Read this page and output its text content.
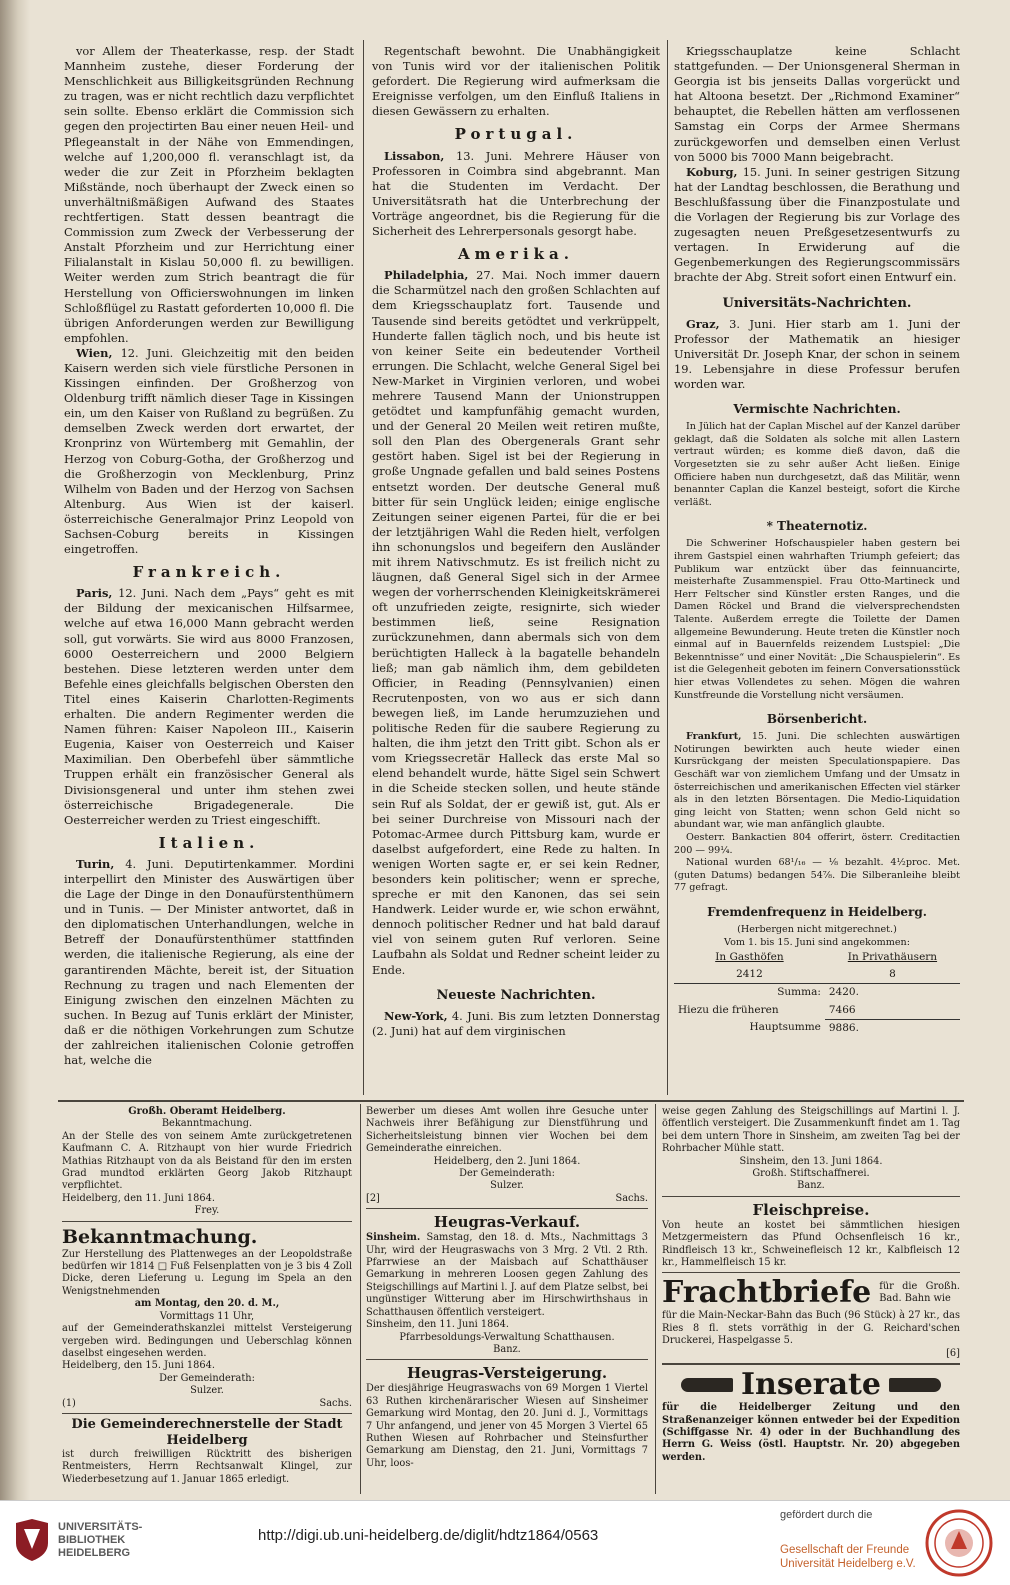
vor Allem der Theaterkasse, resp. der Stadt Mannheim zustehe, dieser Forderung der Menschlichkeit aus Billigkeitsgründen Rechnung zu tragen, was er nicht rechtlich dazu verpflichtet sein sollte. Ebenso erklärt die Commission sich gegen den projectirten Bau einer neuen Heil- und Pflegeanstalt in der Nähe von Emmendingen, welche auf 1,200,000 fl. veranschlagt ist, da weder die zur Zeit in Pforzheim beklagten Mißstände, noch überhaupt der Zweck einen so unverhältnißmäßigen Aufwand des Staates rechtfertigen. Statt dessen beantragt die Commission zum Zweck der Verbesserung der Anstalt Pforzheim und zur Herrichtung einer Filialanstalt in Kislau 50,000 fl. zu bewilligen. Weiter werden zum Strich beantragt die für Herstellung von Officierswohnungen im linken Schloßflügel zu Rastatt geforderten 10,000 fl. Die übrigen Anforderungen werden zur Bewilligung empfohlen.

Wien, 12. Juni. Gleichzeitig mit den beiden Kaisern werden sich viele fürstliche Personen in Kissingen einfinden. Der Großherzog von Oldenburg trifft nämlich dieser Tage in Kissingen ein, um den Kaiser von Rußland zu begrüßen. Zu demselben Zweck werden dort erwartet, der Kronprinz von Würtemberg mit Gemahlin, der Herzog von Coburg-Gotha, der Großherzog und die Großherzogin von Mecklenburg, Prinz Wilhelm von Baden und der Herzog von Sachsen Altenburg. Aus Wien ist der kaiserl. österreichische Generalmajor Prinz Leopold von Sachsen-Coburg bereits in Kissingen eingetroffen.

Frankreich.

Paris, 12. Juni. Nach dem „Pays“ geht es mit der Bildung der mexicanischen Hilfsarmee, welche auf etwa 16,000 Mann gebracht werden soll, gut vorwärts. Sie wird aus 8000 Franzosen, 6000 Oesterreichern und 2000 Belgiern bestehen. Diese letzteren werden unter dem Befehle eines gleichfalls belgischen Obersten den Titel eines Kaiserin Charlotten-Regiments erhalten. Die andern Regimenter werden die Namen führen: Kaiser Napoleon III., Kaiserin Eugenia, Kaiser von Oesterreich und Kaiser Maximilian. Den Oberbefehl über sämmtliche Truppen erhält ein französischer General als Divisionsgeneral und unter ihm stehen zwei österreichische Brigadegenerale. Die Oesterreicher werden zu Triest eingeschifft.

Italien.

Turin, 4. Juni. Deputirtenkammer. Mordini interpellirt den Minister des Auswärtigen über die Lage der Dinge in den Donaufürstenthümern und in Tunis. — Der Minister antwortet, daß in den diplomatischen Unterhandlungen, welche in Betreff der Donaufürstenthümer stattfinden werden, die italienische Regierung, als eine der garantirenden Mächte, bereit ist, der Situation Rechnung zu tragen und nach Elementen der Einigung zwischen den einzelnen Mächten zu suchen. In Bezug auf Tunis erklärt der Minister, daß er die nöthigen Vorkehrungen zum Schutze der zahlreichen italienischen Colonie getroffen hat, welche die

Regentschaft bewohnt. Die Unabhängigkeit von Tunis wird vor der italienischen Politik gefordert. Die Regierung wird aufmerksam die Ereignisse verfolgen, um den Einfluß Italiens in diesen Gewässern zu erhalten.

Portugal.

Lissabon, 13. Juni. Mehrere Häuser von Professoren in Coimbra sind abgebrannt. Man hat die Studenten im Verdacht. Der Universitätsrath hat die Unterbrechung der Vorträge angeordnet, bis die Regierung für die Sicherheit des Lehrerpersonals gesorgt habe.

Amerika.

Philadelphia, 27. Mai. Noch immer dauern die Scharmützel nach den großen Schlachten auf dem Kriegsschauplatz fort. Tausende und Tausende sind bereits getödtet und verkrüppelt, Hunderte fallen täglich noch, und bis heute ist von keiner Seite ein bedeutender Vortheil errungen. Die Schlacht, welche General Sigel bei New-Market in Virginien verloren, und wobei mehrere Tausend Mann der Unionstruppen getödtet und kampfunfähig gemacht wurden, und der General 20 Meilen weit retiren mußte, soll den Plan des Obergenerals Grant sehr gestört haben. Sigel ist bei der Regierung in große Ungnade gefallen und bald seines Postens entsetzt worden. Der deutsche General muß bitter für sein Unglück leiden; einige englische Zeitungen seiner eigenen Partei, für die er bei der letztjährigen Wahl die Reden hielt, verfolgen ihn schonungslos und begeifern den Ausländer mit ihrem Nativschmutz. Es ist freilich nicht zu läugnen, daß General Sigel sich in der Armee wegen der vorherrschenden Kleinigkeitskrämerei oft unzufrieden zeigte, resignirte, sich wieder bestimmen ließ, seine Resignation zurückzunehmen, dann abermals sich von dem berüchtigten Halleck à la bagatelle behandeln ließ; man gab nämlich ihm, dem gebildeten Officier, in Reading (Pennsylvanien) einen Recrutenposten, von wo aus er sich dann bewegen ließ, im Lande herumzuziehen und politische Reden für die saubere Regierung zu halten, die ihm jetzt den Tritt gibt. Schon als er vom Kriegssecretär Halleck das erste Mal so elend behandelt wurde, hätte Sigel sein Schwert in die Scheide stecken sollen, und heute stände sein Ruf als Soldat, der er gewiß ist, gut. Als er bei seiner Durchreise von Missouri nach der Potomac-Armee durch Pittsburg kam, wurde er daselbst aufgefordert, eine Rede zu halten. In wenigen Worten sagte er, er sei kein Redner, besonders kein politischer; wenn er spreche, spreche er mit den Kanonen, das sei sein Handwerk. Leider wurde er, wie schon erwähnt, dennoch politischer Redner und hat bald darauf viel von seinem guten Ruf verloren. Seine Laufbahn als Soldat und Redner scheint leider zu Ende.

Neueste Nachrichten.

New-York, 4. Juni. Bis zum letzten Donnerstag (2. Juni) hat auf dem virginischen

Kriegsschauplatze keine Schlacht stattgefunden. — Der Unionsgeneral Sherman in Georgia ist bis jenseits Dallas vorgerückt und hat Altoona besetzt. Der „Richmond Examiner“ behauptet, die Rebellen hätten am verflossenen Samstag ein Corps der Armee Shermans zurückgeworfen und demselben einen Verlust von 5000 bis 7000 Mann beigebracht.

Koburg, 15. Juni. In seiner gestrigen Sitzung hat der Landtag beschlossen, die Berathung und Beschlußfassung über die Finanzpostulate und die Vorlagen der Regierung bis zur Vorlage des zugesagten neuen Preßgesetzesentwurfs zu vertagen. In Erwiderung auf die Gegenbemerkungen des Regierungscommissärs brachte der Abg. Streit sofort einen Entwurf ein.

Universitäts-Nachrichten.

Graz, 3. Juni. Hier starb am 1. Juni der Professor der Mathematik an hiesiger Universität Dr. Joseph Knar, der schon in seinem 19. Lebensjahre in diese Professur berufen worden war.

Vermischte Nachrichten.

In Jülich hat der Caplan Mischel auf der Kanzel darüber geklagt, daß die Soldaten als solche mit allen Lastern vertraut würden; es komme dieß davon, daß die Vorgesetzten sie zu sehr außer Acht ließen. Einige Officiere haben nun durchgesetzt, daß das Militär, wenn benannter Caplan die Kanzel besteigt, sofort die Kirche verläßt.

* Theaternotiz.

Die Schweriner Hofschauspieler haben gestern bei ihrem Gastspiel einen wahrhaften Triumph gefeiert; das Publikum war entzückt über das feinnuancirte, meisterhafte Zusammenspiel. Frau Otto-Martineck und Herr Feltscher sind Künstler ersten Ranges, und die Damen Röckel und Brand die vielversprechendsten Talente. Außerdem erregte die Toilette der Damen allgemeine Bewunderung. Heute treten die Künstler noch einmal auf in Bauernfelds reizendem Lustspiel: „Die Bekenntnisse“ und einer Novität: „Die Schauspielerin“. Es ist die Gelegenheit geboten im feinern Conversationsstück hier etwas Vollendetes zu sehen. Mögen die wahren Kunstfreunde die Vorstellung nicht versäumen.

Börsenbericht.

Frankfurt, 15. Juni. Die schlechten auswärtigen Notirungen bewirkten auch heute wieder einen Kursrückgang der meisten Speculationspapiere. Das Geschäft war von ziemlichem Umfang und der Umsatz in österreichischen und amerikanischen Effecten viel stärker als in den letzten Börsentagen. Die Medio-Liquidation ging leicht von Statten; wenn schon Geld nicht so abundant war, wie man anfänglich glaubte.

Oesterr. Bankactien 804 offerirt, österr. Creditactien 200 — 99¼.

National wurden 68¹/₁₆ — ⅛ bezahlt. 4½proc. Met. (guten Datums) bedangen 54⅞. Die Silberanleihe bleibt 77 gefragt.

Fremdenfrequenz in Heidelberg.
(Herbergen nicht mitgerechnet.)
Vom 1. bis 15. Juni sind angekommen:
In Gasthöfen	In Privathäusern
2412	8
Summa:	2420.
Hiezu die früheren	7466
Hauptsumme	9886.

Großh. Oberamt Heidelberg.

Bekanntmachung.

An der Stelle des von seinem Amte zurückgetretenen Kaufmann C. A. Ritzhaupt von hier wurde Friedrich Mathias Ritzhaupt von da als Beistand für den im ersten Grad mundtod erklärten Georg Jakob Ritzhaupt verpflichtet.

Heidelberg, den 11. Juni 1864.

Frey.

Bekanntmachung.

Zur Herstellung des Plattenweges an der Leopoldstraße bedürfen wir 1814 □ Fuß Felsenplatten von je 3 bis 4 Zoll Dicke, deren Lieferung u. Legung im Spela an den Wenigstnehmenden

am Montag, den 20. d. M.,

Vormittags 11 Uhr,

auf der Gemeinderathskanzlei mittelst Versteigerung vergeben wird. Bedingungen und Ueberschlag können daselbst eingesehen werden.

Heidelberg, den 15. Juni 1864.

Der Gemeinderath:

Sulzer.

(1)	Sachs.

Die Gemeinderechnerstelle der Stadt Heidelberg

ist durch freiwilligen Rücktritt des bisherigen Rentmeisters, Herrn Rechtsanwalt Klingel, zur Wiederbesetzung auf 1. Januar 1865 erledigt.

Bewerber um dieses Amt wollen ihre Gesuche unter Nachweis ihrer Befähigung zur Dienstführung und Sicherheitsleistung binnen vier Wochen bei dem Gemeinderathe einreichen.

Heidelberg, den 2. Juni 1864.

Der Gemeinderath:

Sulzer.

[2]	Sachs.

Heugras-Verkauf.

Sinsheim. Samstag, den 18. d. Mts., Nachmittags 3 Uhr, wird der Heugraswachs von 3 Mrg. 2 Vtl. 2 Rth. Pfarrwiese an der Maisbach auf Schatthäuser Gemarkung in mehreren Loosen gegen Zahlung des Steigschillings auf Martini l. J. auf dem Platze selbst, bei ungünstiger Witterung aber im Hirschwirthshaus in Schatthausen öffentlich versteigert.

Sinsheim, den 11. Juni 1864.

Pfarrbesoldungs-Verwaltung Schatthausen.

Banz.

Heugras-Versteigerung.

Der diesjährige Heugraswachs von 69 Morgen 1 Viertel 63 Ruthen kirchenärarischer Wiesen auf Sinsheimer Gemarkung wird Montag, den 20. Juni d. J., Vormittags 7 Uhr anfangend, und jener von 45 Morgen 3 Viertel 65 Ruthen Wiesen auf Rohrbacher und Steinsfurther Gemarkung am Dienstag, den 21. Juni, Vormittags 7 Uhr, loos-

weise gegen Zahlung des Steigschillings auf Martini l. J. öffentlich versteigert. Die Zusammenkunft findet am 1. Tag bei dem untern Thore in Sinsheim, am zweiten Tag bei der Rohrbacher Mühle statt.

Sinsheim, den 13. Juni 1864.

Großh. Stiftschaffnerei.

Banz.

Fleischpreise.

Von heute an kostet bei sämmtlichen hiesigen Metzgermeistern das Pfund Ochsenfleisch 16 kr., Rindfleisch 13 kr., Schweinefleisch 12 kr., Kalbfleisch 12 kr., Hammelfleisch 15 kr.

Frachtbriefe für die Großh. Bad. Bahn wie

für die Main-Neckar-Bahn das Buch (96 Stück) à 27 kr., das Ries 8 fl. stets vorräthig in der G. Reichard'schen Druckerei, Haspelgasse 5.

[6]

Inserate

für die Heidelberger Zeitung und den Straßenanzeiger können entweder bei der Expedition (Schiffgasse Nr. 4) oder in der Buchhandlung des Herrn G. Weiss (östl. Hauptstr. Nr. 20) abgegeben werden.

UNIVERSITÄTS-
BIBLIOTHEK
HEIDELBERG
http://digi.ub.uni-heidelberg.de/diglit/hdtz1864/0563
gefördert durch die
Gesellschaft der Freunde
Universität Heidelberg e.V.
